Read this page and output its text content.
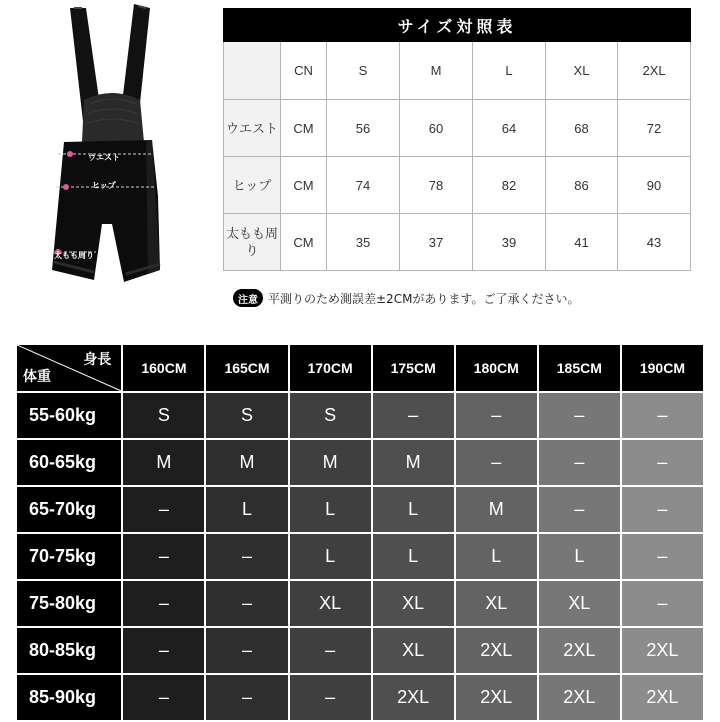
ウエスト
ヒップ
太もも周り
サイズ対照表						
	CN	S	M	L	XL	2XL
ウエスト	CM	56	60	64	68	72
ヒップ	CM	74	78	82	86	90
太もも周り	CM	35	37	39	41	43
注意 平測りのため測誤差±2CMがあります。ご了承ください。
身長
体重	160CM	165CM	170CM	175CM	180CM	185CM	190CM
55-60kg	S	S	S	–	–	–	–
60-65kg	M	M	M	M	–	–	–
65-70kg	–	L	L	L	M	–	–
70-75kg	–	–	L	L	L	L	–
75-80kg	–	–	XL	XL	XL	XL	–
80-85kg	–	–	–	XL	2XL	2XL	2XL
85-90kg	–	–	–	2XL	2XL	2XL	2XL
